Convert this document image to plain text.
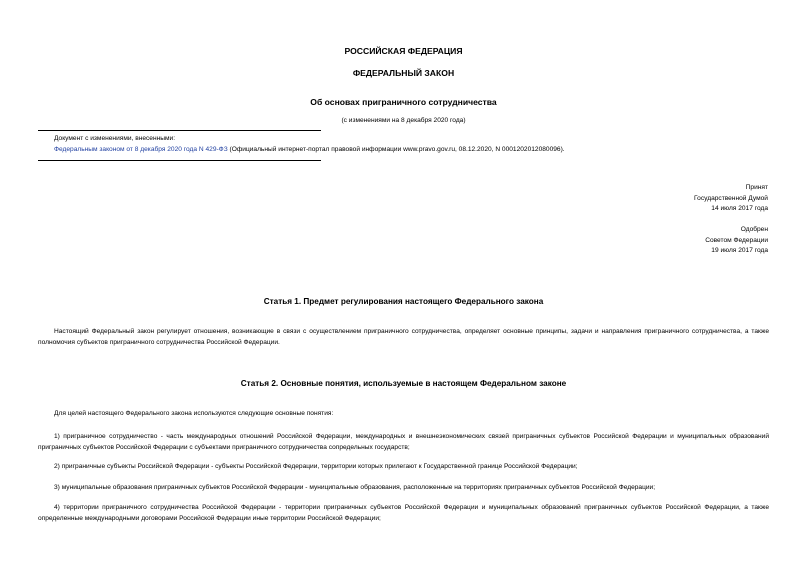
РОССИЙСКАЯ ФЕДЕРАЦИЯ
ФЕДЕРАЛЬНЫЙ ЗАКОН
Об основах приграничного сотрудничества
(с изменениями на 8 декабря 2020 года)
Документ с изменениями, внесенными:
Федеральным законом от 8 декабря 2020 года N 429-ФЗ (Официальный интернет-портал правовой информации www.pravo.gov.ru, 08.12.2020, N 0001202012080096).
Принят
Государственной Думой
14 июля 2017 года
Одобрен
Советом Федерации
19 июля 2017 года
Статья 1. Предмет регулирования настоящего Федерального закона
Настоящий Федеральный закон регулирует отношения, возникающие в связи с осуществлением приграничного сотрудничества, определяет основные принципы, задачи и направления приграничного сотрудничества, а также полномочия субъектов приграничного сотрудничества Российской Федерации.
Статья 2. Основные понятия, используемые в настоящем Федеральном законе
Для целей настоящего Федерального закона используются следующие основные понятия:
1) приграничное сотрудничество - часть международных отношений Российской Федерации, международных и внешнеэкономических связей приграничных субъектов Российской Федерации и муниципальных образований приграничных субъектов Российской Федерации с субъектами приграничного сотрудничества сопредельных государств;
2) приграничные субъекты Российской Федерации - субъекты Российской Федерации, территории которых прилегают к Государственной границе Российской Федерации;
3) муниципальные образования приграничных субъектов Российской Федерации - муниципальные образования, расположенные на территориях приграничных субъектов Российской Федерации;
4) территории приграничного сотрудничества Российской Федерации - территории приграничных субъектов Российской Федерации и муниципальных образований приграничных субъектов Российской Федерации, а также определенные международными договорами Российской Федерации иные территории Российской Федерации;
